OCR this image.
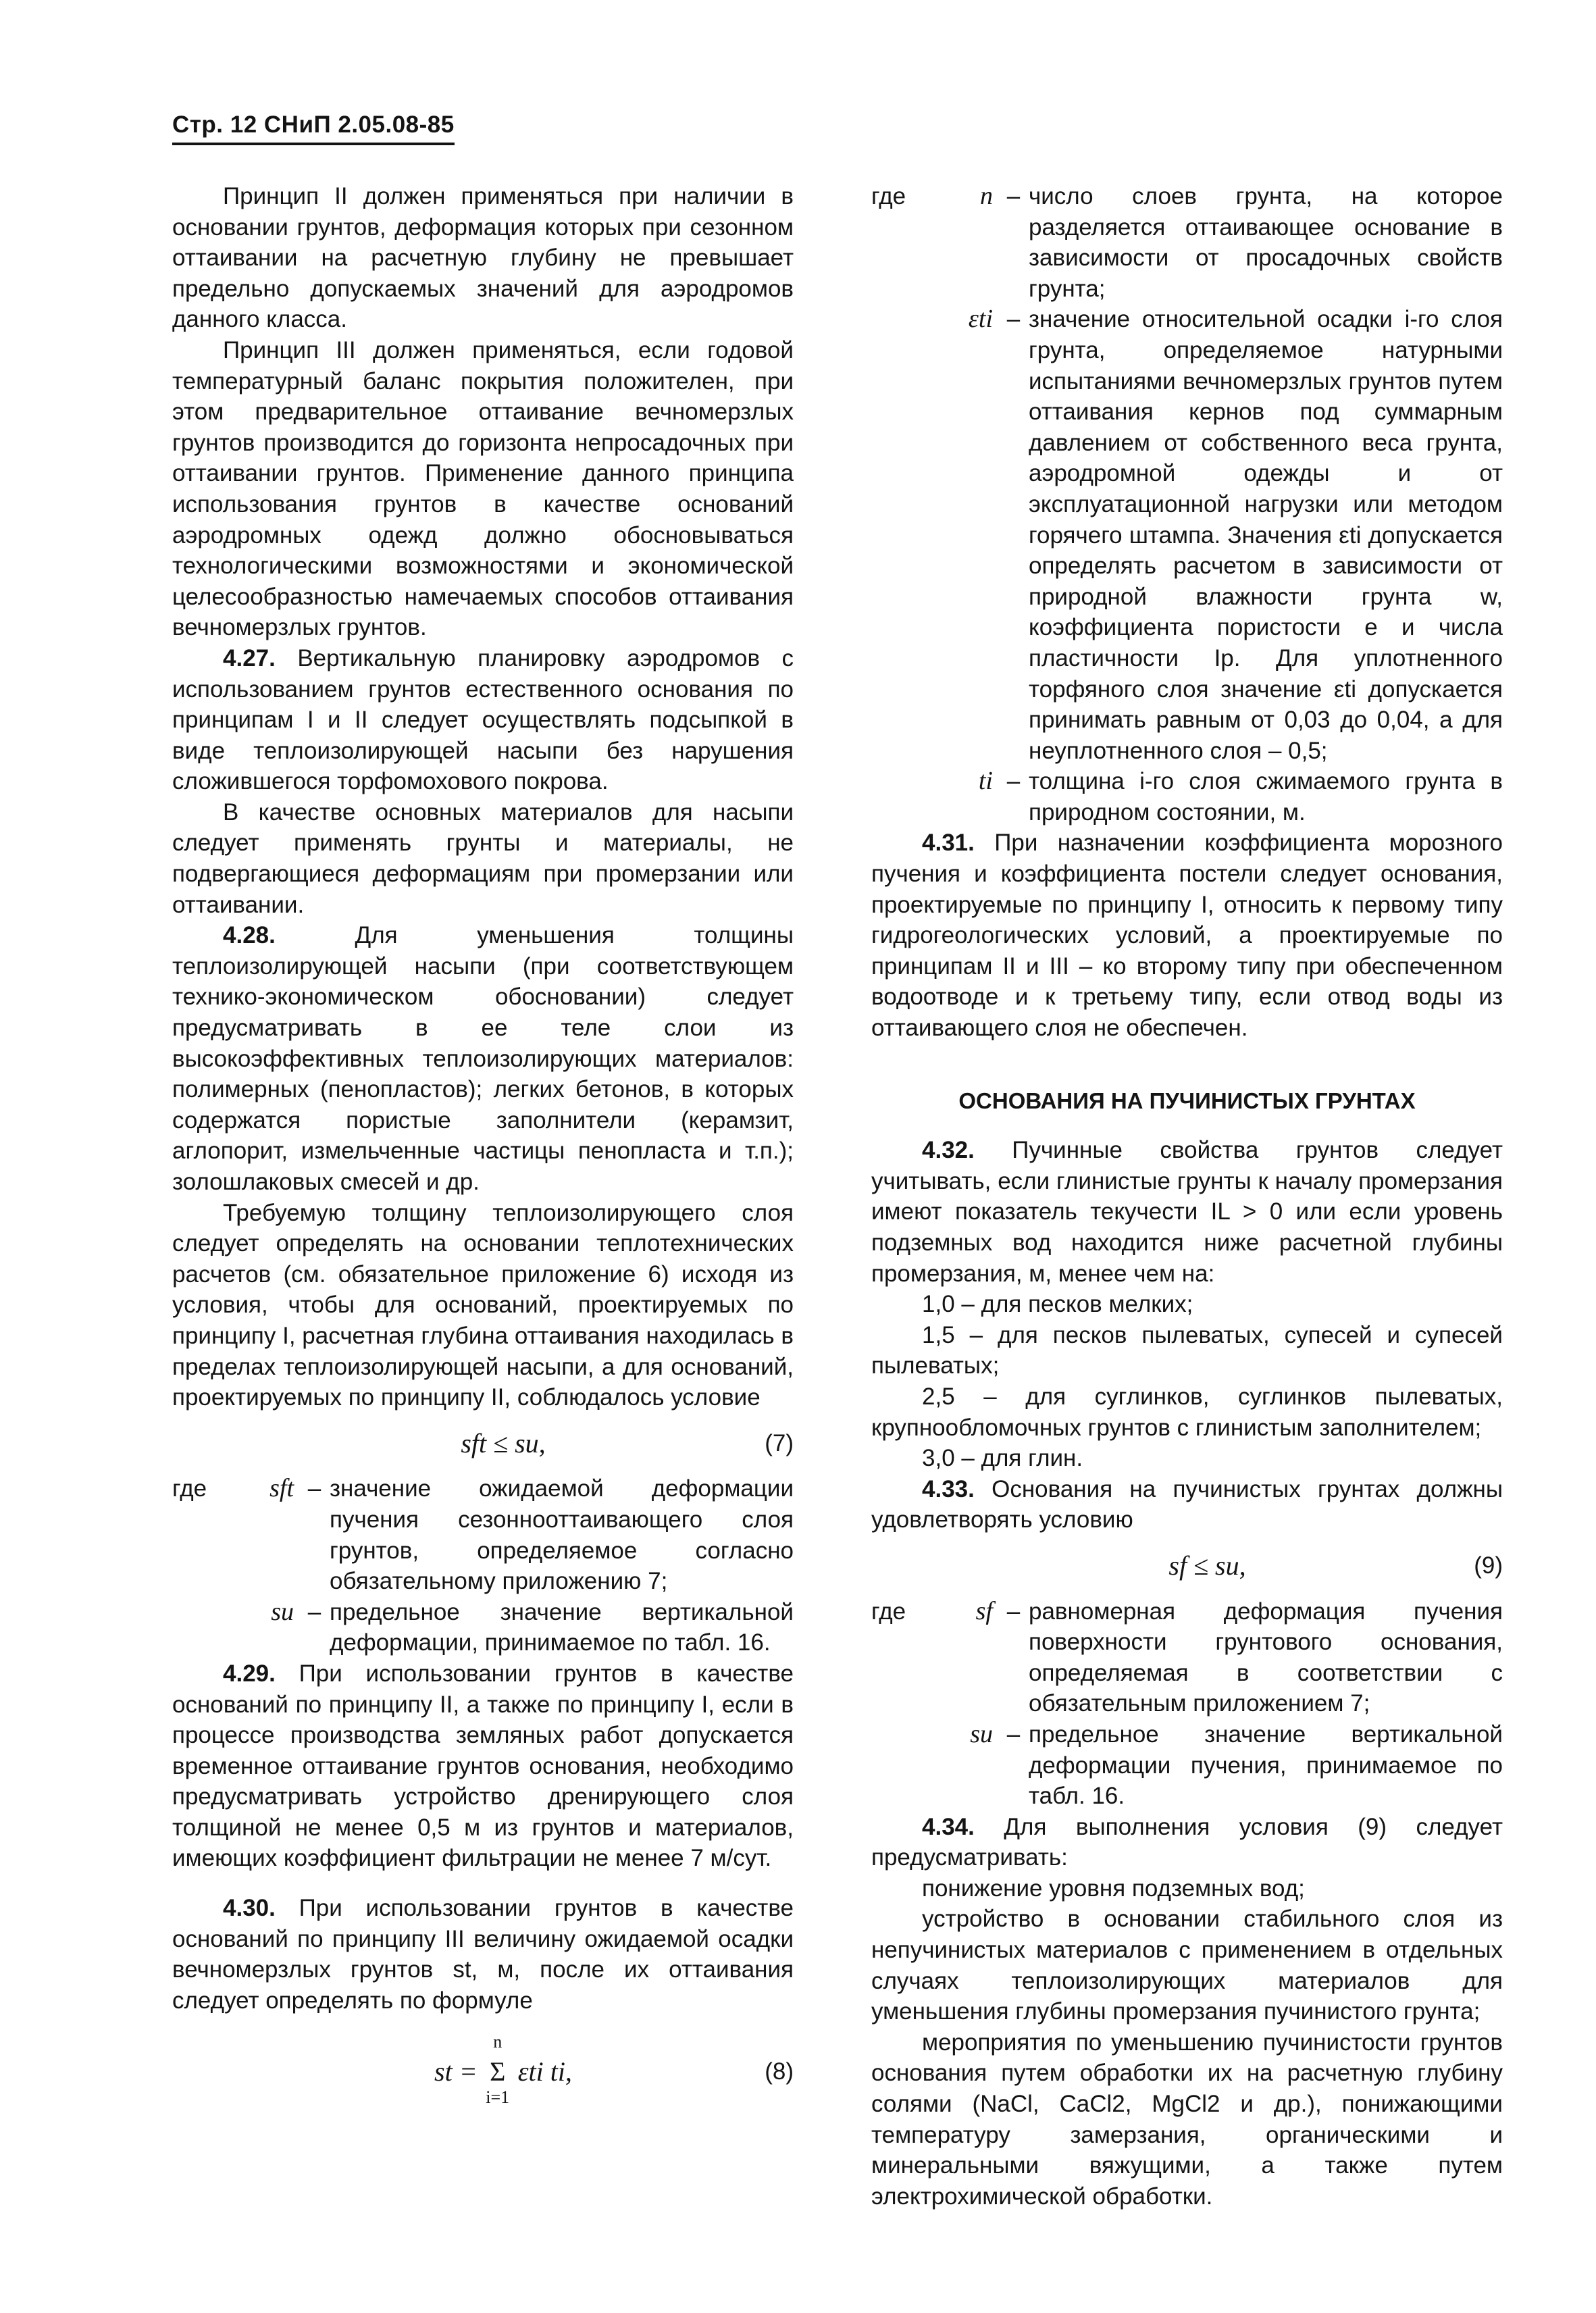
Стр. 12 СНиП 2.05.08-85

Принцип II должен применяться при наличии в основании грунтов, деформация которых при сезонном оттаивании на расчетную глубину не превышает предельно допускаемых значений для аэродромов данного класса.

Принцип III должен применяться, если годовой температурный баланс покрытия положителен, при этом предварительное оттаивание вечномерзлых грунтов производится до горизонта непросадочных при оттаивании грунтов. Применение данного принципа использования грунтов в качестве оснований аэродромных одежд должно обосновываться технологическими возможностями и экономической целесообразностью намечаемых способов оттаивания вечномерзлых грунтов.

4.27. Вертикальную планировку аэродромов с использованием грунтов естественного основания по принципам I и II следует осуществлять подсыпкой в виде теплоизолирующей насыпи без нарушения сложившегося торфомохового покрова.

В качестве основных материалов для насыпи следует применять грунты и материалы, не подвергающиеся деформациям при промерзании или оттаивании.

4.28.	Для уменьшения толщины теплоизолирующей насыпи (при соответствующем технико-экономическом обосновании) следует предусматривать в ее теле слои из высокоэффективных теплоизолирующих материалов: полимерных (пенопластов); легких бетонов, в которых содержатся пористые заполнители (керамзит, аглопорит, измельченные частицы пенопласта и т.п.); золошлаковых смесей и др.

Требуемую толщину теплоизолирующего слоя следует определять на основании теплотехнических расчетов (см. обязательное приложение 6) исходя из условия, чтобы для оснований, проектируемых по принципу I, расчетная глубина оттаивания находилась в пределах теплоизолирующей насыпи, а для оснований, проектируемых по принципу II, соблюдалось условие

sft ≤ su,	(7)
где	sft – значение ожидаемой деформации пучения сезоннооттаивающего слоя грунтов, определяемое согласно обязательному приложению 7;
su – предельное значение вертикальной деформации, принимаемое по табл. 16.

4.29. При использовании грунтов в качестве оснований по принципу II, а также по принципу I, если в процессе производства земляных работ допускается временное оттаивание грунтов основания, необходимо предусматривать устройство дренирующего слоя толщиной не менее 0,5 м из грунтов и материалов, имеющих коэффициент фильтрации не менее 7 м/сут.

4.30. При использовании грунтов в качестве оснований по принципу III величину ожидаемой осадки вечномерзлых грунтов st, м, после их оттаивания следует определять по формуле

st =
n
Σ
i=1
εti ti,	(8)
где	n – число слоев грунта, на которое разделяется оттаивающее основание в зависимости от просадочных свойств грунта;
εti – значение относительной осадки i-го слоя грунта, определяемое натурными испытаниями вечномерзлых грунтов путем оттаивания кернов под суммарным давлением от собственного веса грунта, аэродромной одежды и от эксплуатационной нагрузки или методом горячего штампа. Значения εti допускается определять расчетом в зависимости от природной влажности грунта w, коэффициента пористости e и числа пластичности Ip. Для уплотненного торфяного слоя значение εti допускается принимать равным от 0,03 до 0,04, а для неуплотненного слоя – 0,5;
ti – толщина i-го слоя сжимаемого грунта в природном состоянии, м.

4.31. При назначении коэффициента морозного пучения и коэффициента постели следует основания, проектируемые по принципу I, относить к первому типу гидрогеологических условий, а проектируемые по принципам II и III – ко второму типу при обеспеченном водоотводе и к третьему типу, если отвод воды из оттаивающего слоя не обеспечен.

ОСНОВАНИЯ НА ПУЧИНИСТЫХ ГРУНТАХ

4.32. Пучинные свойства грунтов следует учитывать, если глинистые грунты к началу промерзания имеют показатель текучести IL > 0 или если уровень подземных вод находится ниже расчетной глубины промерзания, м, менее чем на:

1,0 – для песков мелких;

1,5 – для песков пылеватых, супесей и супесей пылеватых;

2,5 – для суглинков, суглинков пылеватых, крупнообломочных грунтов с глинистым заполнителем;

3,0 – для глин.

4.33. Основания на пучинистых грунтах должны удовлетворять условию

sf ≤ su,	(9)
где	sf – равномерная деформация пучения поверхности грунтового основания, определяемая в соответствии с обязательным приложением 7;
su – предельное значение вертикальной деформации пучения, принимаемое по табл. 16.

4.34. Для выполнения условия (9) следует предусматривать:

понижение уровня подземных вод;

устройство в основании стабильного слоя из непучинистых материалов с применением в отдельных случаях теплоизолирующих материалов для уменьшения глубины промерзания пучинистого грунта;

мероприятия по уменьшению пучинистости грунтов основания путем обработки их на расчетную глубину солями (NaCl, CaCl2, MgCl2 и др.), понижающими температуру замерзания, органическими и минеральными вяжущими, а также путем электрохимической обработки.
